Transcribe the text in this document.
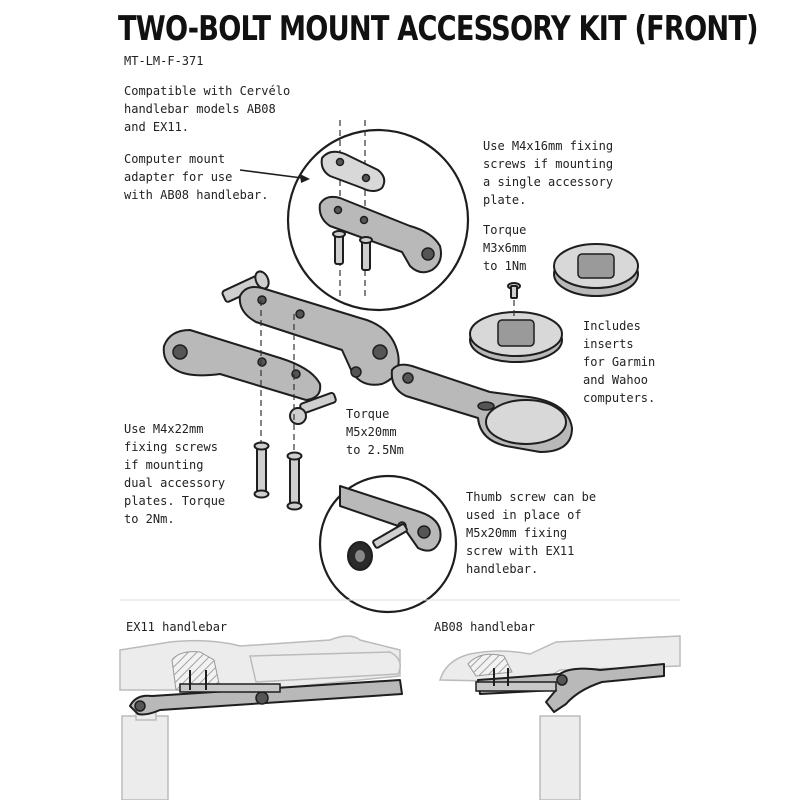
TWO-BOLT MOUNT ACCESSORY KIT (FRONT)
MT-LM-F-371
Compatible with Cervélo
handlebar models AB08
and EX11.
Computer mount
adapter for use
with AB08 handlebar.
Use M4x16mm fixing
screws if mounting
a single accessory
plate.
Torque
M3x6mm
to 1Nm
Includes
inserts
for Garmin
and Wahoo
computers.
Use M4x22mm
fixing screws
if mounting
dual accessory
plates. Torque
to 2Nm.
Torque
M5x20mm
to 2.5Nm
Thumb screw can be
used in place of
M5x20mm fixing
screw with EX11
handlebar.
EX11 handlebar	AB08 handlebar
